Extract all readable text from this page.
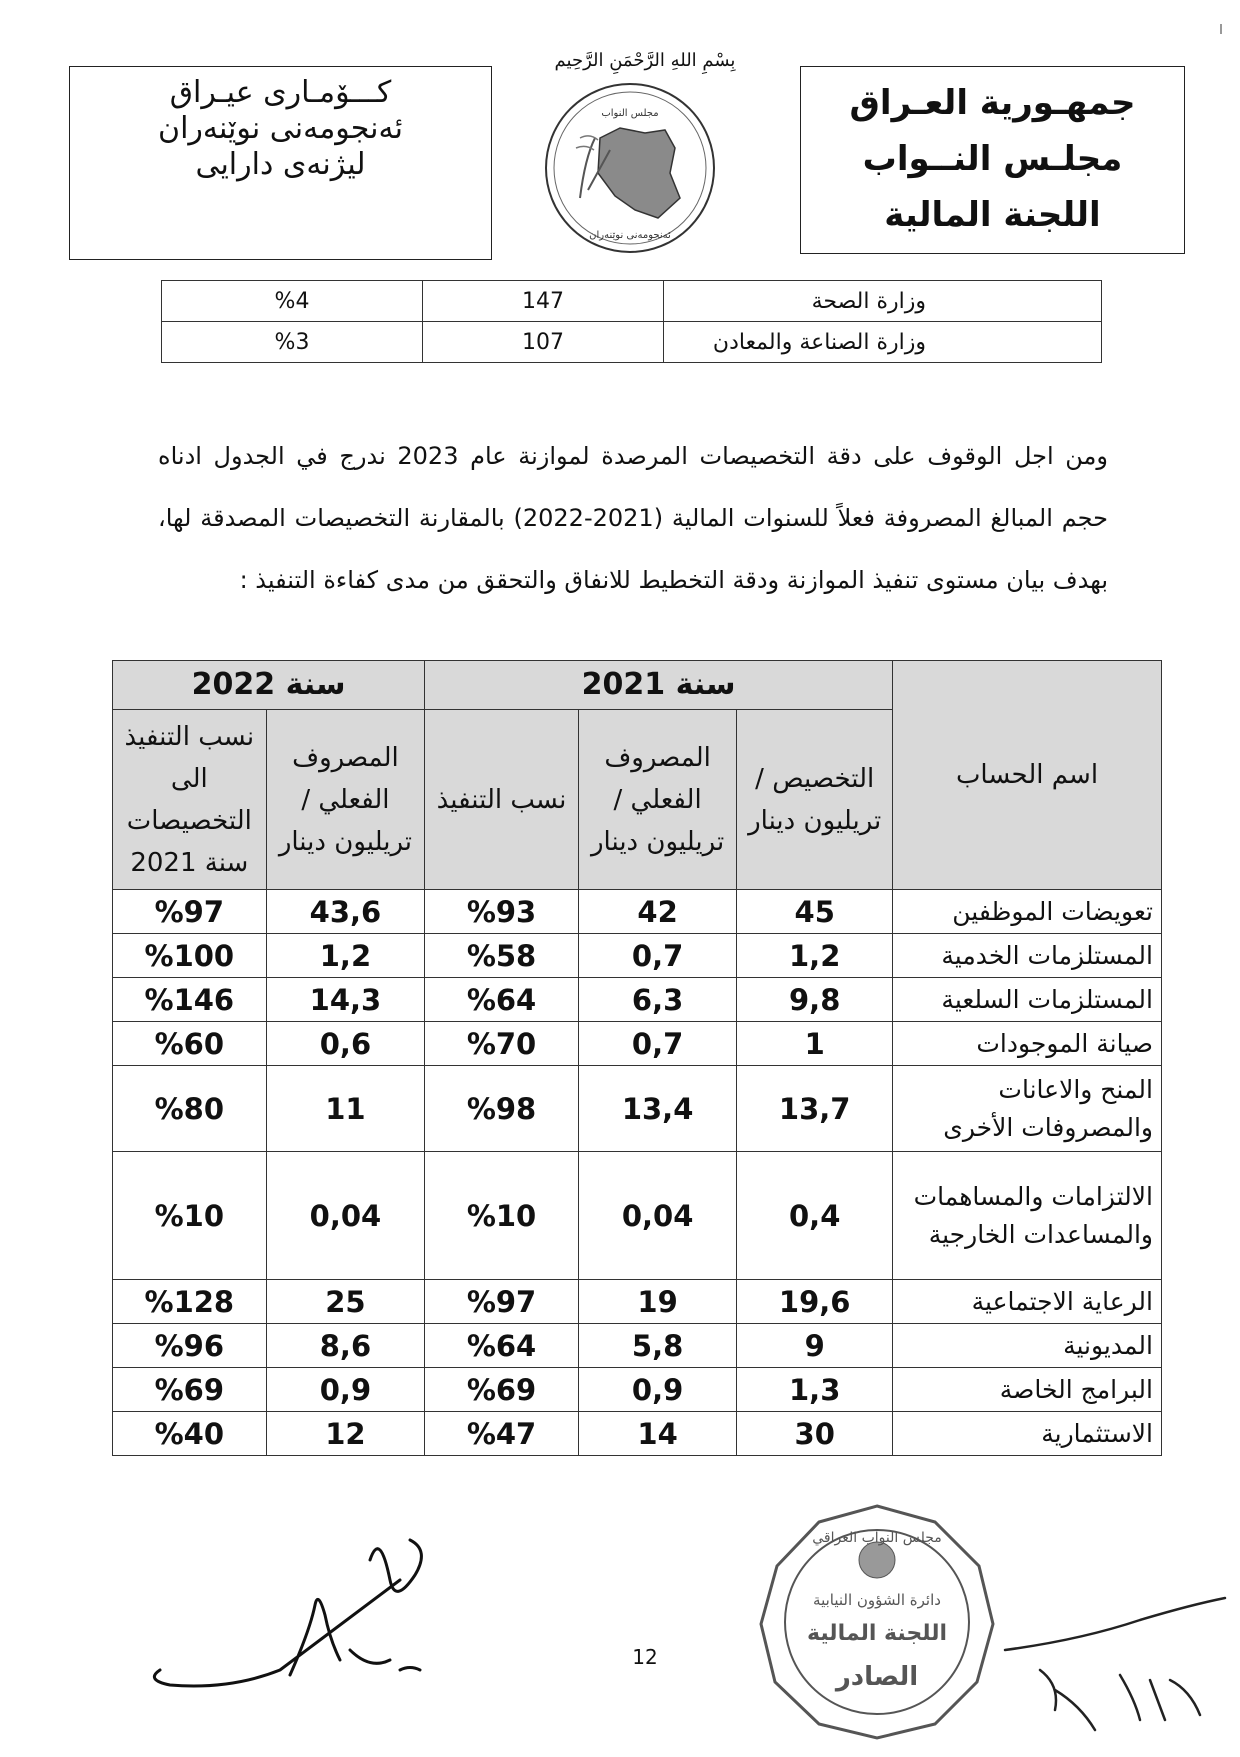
جمهـورية العـراق
مجلـس النــواب
اللجنة المالية
كـــۆمـاری عیـراق
ئەنجومەنی نوێنەران
لیژنەی دارایی
بِسْمِ اللهِ الرَّحْمَنِ الرَّحِيم
مجلس النواب
ئەنجومەنی نوێنەران
وزارة الصحة	147	%4
وزارة الصناعة والمعادن	107	%3
ومن اجل الوقوف على دقة التخصيصات المرصدة لموازنة عام 2023 ندرج في الجدول ادناه حجم المبالغ المصروفة فعلاً للسنوات المالية (2021-2022) بالمقارنة التخصيصات المصدقة لها، بهدف بيان مستوى تنفيذ الموازنة ودقة التخطيط للانفاق والتحقق من مدى كفاءة التنفيذ :
اسم الحساب	سنة 2021			سنة 2022	
	التخصيص / تريليون دينار	المصروف الفعلي / تريليون دينار	نسب التنفيذ	المصروف الفعلي / تريليون دينار	نسب التنفيذ الى التخصيصات سنة 2021
تعويضات الموظفين	45	42	%93	43,6	%97
المستلزمات الخدمية	1,2	0,7	%58	1,2	%100
المستلزمات السلعية	9,8	6,3	%64	14,3	%146
صيانة الموجودات	1	0,7	%70	0,6	%60
المنح والاعانات والمصروفات الأخرى	13,7	13,4	%98	11	%80
الالتزامات والمساهمات والمساعدات الخارجية	0,4	0,04	%10	0,04	%10
الرعاية الاجتماعية	19,6	19	%97	25	%128
المديونية	9	5,8	%64	8,6	%96
البرامج الخاصة	1,3	0,9	%69	0,9	%69
الاستثمارية	30	14	%47	12	%40
مجلس النواب العراقي
دائرة الشؤون النيابية
اللجنة المالية
الصادر
12
